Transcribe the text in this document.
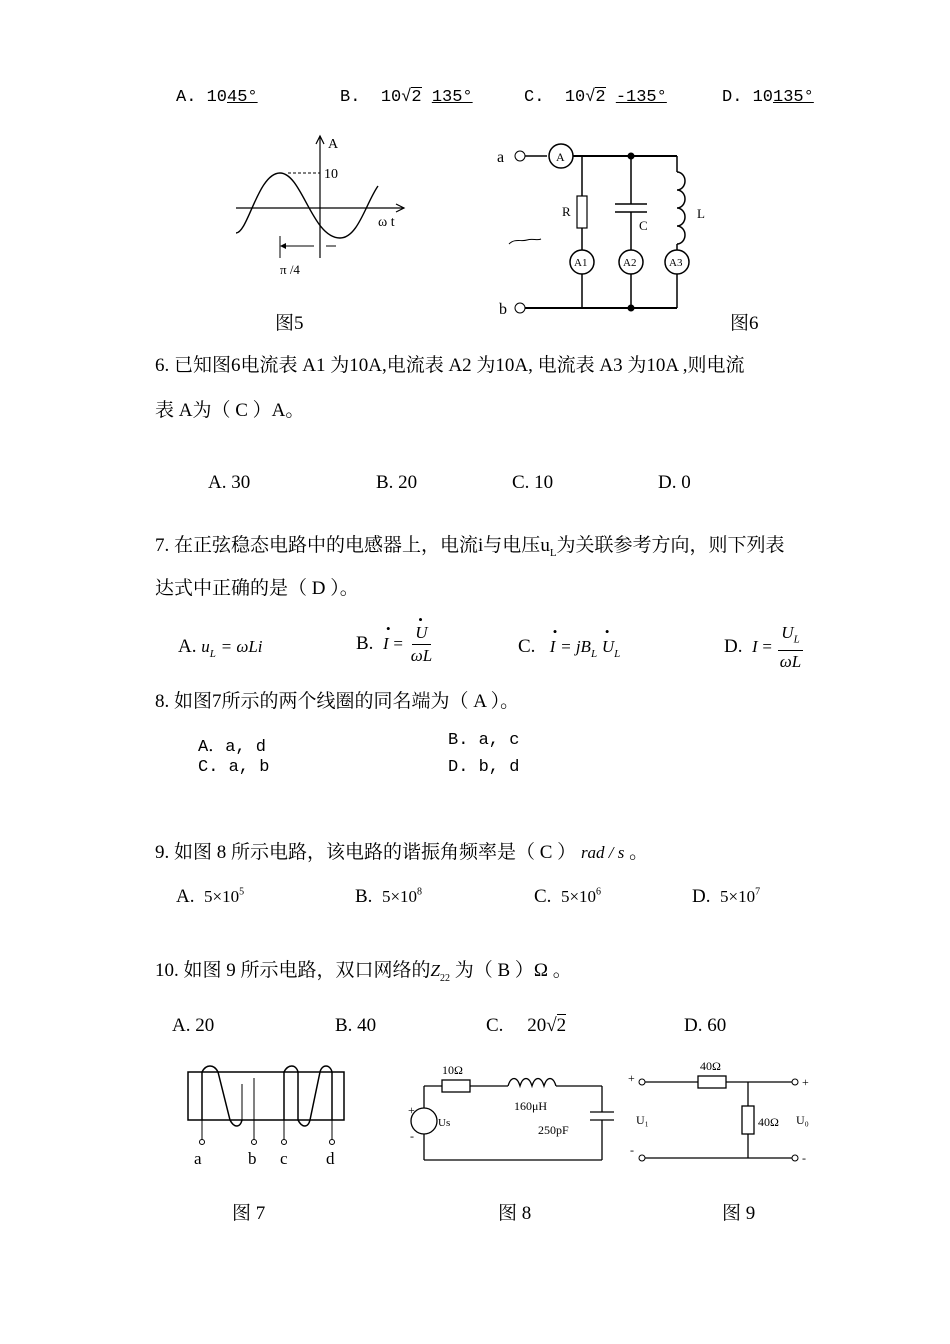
A. 1045°	B. 10√2 135°	C. 10√2 -135°	D. 10135°
A
10
ω t
π /4
图5
a	A
R
A1
C
A2
L
A3
b
图6
6. 已知图6电流表 A1 为10A,电流表 A2 为10A, 电流表 A3 为10A ,则电流
表 A为（ C ）A。
A. 30	B. 20	C. 10	D. 0
7. 在正弦稳态电路中的电感器上，电流i与电压$u_L$为关联参考方向，则下列表
达式中正确的是（ D ）。
A. $u_L = \omega Li$	B. • I = • $\frac{U}{\omega L}$	C. • $I = jB_L$ • $U_L$	D. $I = \frac{U_L}{\omega L}$
8. 如图7所示的两个线圈的同名端为（ A ）。
A．a, d	B. a, c
C. a, b	D. b, d
9. 如图 8 所示电路，该电路的谐振角频率是（ C ） rad / s 。
A. $5\times 10^5$	B. $5\times 10^8$	C. $5\times 10^6$	D. $5\times 10^7$
10. 如图 9 所示电路，双口网络的$Z_{22}$ 为（ B ）Ω 。
A. 20	B. 40	C. 20√2	D. 60
a	b c d
图 7
10Ω
160μH
250pF
Us
+
-
图 8
+
40Ω
+
40Ω
U₁	U₀
-
-
图 9
